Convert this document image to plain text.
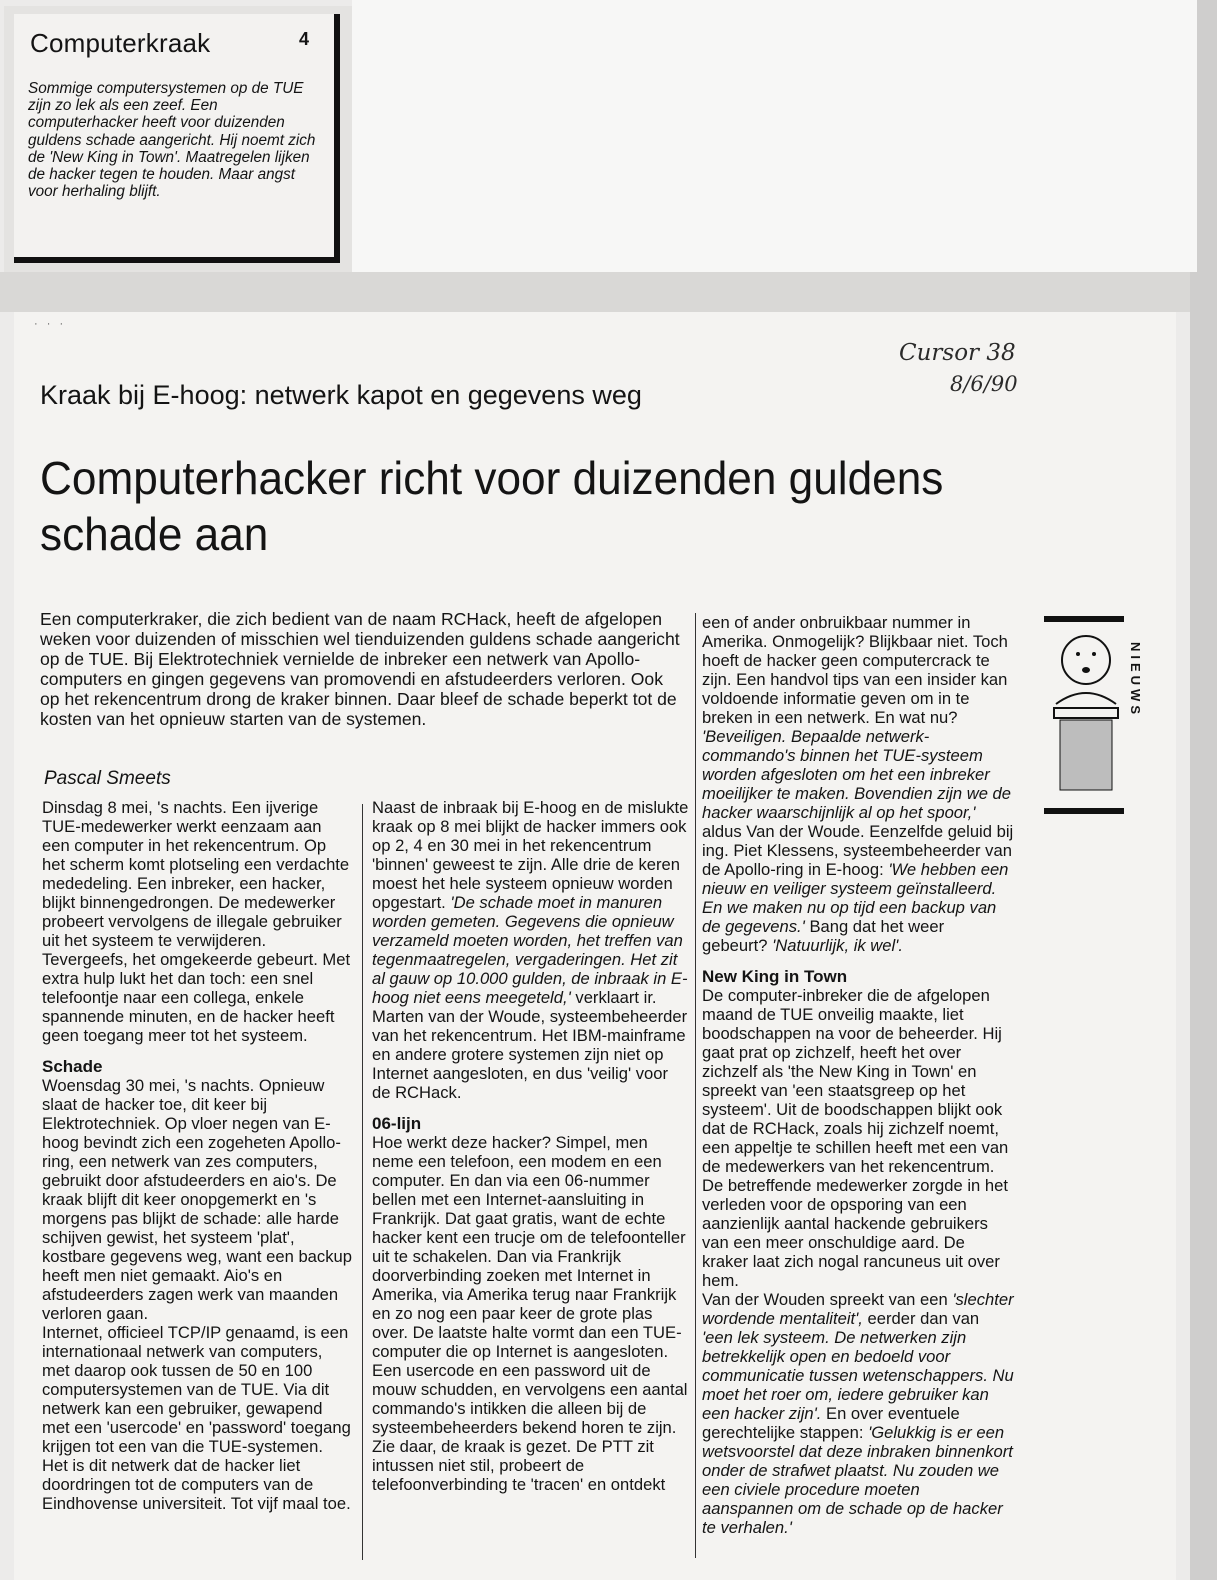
Computerkraak	4
Sommige computersystemen op de TUE zijn zo lek als een zeef. Een computerhacker heeft voor duizenden guldens schade aangericht. Hij noemt zich de 'New King in Town'. Maatregelen lijken de hacker tegen te houden. Maar angst voor herhaling blijft.
· · ·
Cursor 38
8/6/90
Kraak bij E-hoog: netwerk kapot en gegevens weg
Computerhacker richt voor duizenden guldens schade aan
Een computerkraker, die zich bedient van de naam RCHack, heeft de afgelopen weken voor duizenden of misschien wel tienduizenden guldens schade aangericht op de TUE. Bij Elektrotechniek vernielde de inbreker een netwerk van Apollo-computers en gingen gegevens van promovendi en afstudeerders verloren. Ook op het rekencentrum drong de kraker binnen. Daar bleef de schade beperkt tot de kosten van het opnieuw starten van de systemen.
Pascal Smeets

Dinsdag 8 mei, 's nachts. Een ijverige TUE-medewerker werkt eenzaam aan een computer in het rekencentrum. Op het scherm komt plotseling een verdachte mededeling. Een inbreker, een hacker, blijkt binnengedrongen. De medewerker probeert vervolgens de illegale gebruiker uit het systeem te verwijderen. Tevergeefs, het omgekeerde gebeurt. Met extra hulp lukt het dan toch: een snel telefoontje naar een collega, enkele spannende minuten, en de hacker heeft geen toegang meer tot het systeem.

Schade

Woensdag 30 mei, 's nachts. Opnieuw slaat de hacker toe, dit keer bij Elektrotechniek. Op vloer negen van E-hoog bevindt zich een zogeheten Apollo-ring, een netwerk van zes computers, gebruikt door afstudeerders en aio's. De kraak blijft dit keer onopgemerkt en 's morgens pas blijkt de schade: alle harde schijven gewist, het systeem 'plat', kostbare gegevens weg, want een backup heeft men niet gemaakt. Aio's en afstudeerders zagen werk van maanden verloren gaan.

Internet, officieel TCP/IP genaamd, is een internationaal netwerk van computers, met daarop ook tussen de 50 en 100 computersystemen van de TUE. Via dit netwerk kan een gebruiker, gewapend met een 'usercode' en 'password' toegang krijgen tot een van die TUE-systemen. Het is dit netwerk dat de hacker liet doordringen tot de computers van de Eindhovense universiteit. Tot vijf maal toe.

Naast de inbraak bij E-hoog en de mislukte kraak op 8 mei blijkt de hacker immers ook op 2, 4 en 30 mei in het rekencentrum 'binnen' geweest te zijn. Alle drie de keren moest het hele systeem opnieuw worden opgestart. 'De schade moet in manuren worden gemeten. Gegevens die opnieuw verzameld moeten worden, het treffen van tegenmaatregelen, vergaderingen. Het zit al gauw op 10.000 gulden, de inbraak in E-hoog niet eens meegeteld,' verklaart ir. Marten van der Woude, systeembeheerder van het rekencentrum. Het IBM-mainframe en andere grotere systemen zijn niet op Internet aangesloten, en dus 'veilig' voor de RCHack.

06-lijn

Hoe werkt deze hacker? Simpel, men neme een telefoon, een modem en een computer. En dan via een 06-nummer bellen met een Internet-aansluiting in Frankrijk. Dat gaat gratis, want de echte hacker kent een trucje om de telefoonteller uit te schakelen. Dan via Frankrijk doorverbinding zoeken met Internet in Amerika, via Amerika terug naar Frankrijk en zo nog een paar keer de grote plas over. De laatste halte vormt dan een TUE-computer die op Internet is aangesloten. Een usercode en een password uit de mouw schudden, en vervolgens een aantal commando's intikken die alleen bij de systeembeheerders bekend horen te zijn. Zie daar, de kraak is gezet. De PTT zit intussen niet stil, probeert de telefoonverbinding te 'tracen' en ontdekt

een of ander onbruikbaar nummer in Amerika. Onmogelijk? Blijkbaar niet. Toch hoeft de hacker geen computercrack te zijn. Een handvol tips van een insider kan voldoende informatie geven om in te breken in een netwerk. En wat nu? 'Beveiligen. Bepaalde netwerk-commando's binnen het TUE-systeem worden afgesloten om het een inbreker moeilijker te maken. Bovendien zijn we de hacker waarschijnlijk al op het spoor,' aldus Van der Woude. Eenzelfde geluid bij ing. Piet Klessens, systeembeheerder van de Apollo-ring in E-hoog: 'We hebben een nieuw en veiliger systeem geïnstalleerd. En we maken nu op tijd een backup van de gegevens.' Bang dat het weer gebeurt? 'Natuurlijk, ik wel'.

New King in Town

De computer-inbreker die de afgelopen maand de TUE onveilig maakte, liet boodschappen na voor de beheerder. Hij gaat prat op zichzelf, heeft het over zichzelf als 'the New King in Town' en spreekt van 'een staatsgreep op het systeem'. Uit de boodschappen blijkt ook dat de RCHack, zoals hij zichzelf noemt, een appeltje te schillen heeft met een van de medewerkers van het rekencentrum. De betreffende medewerker zorgde in het verleden voor de opsporing van een aanzienlijk aantal hackende gebruikers van een meer onschuldige aard. De kraker laat zich nogal rancuneus uit over hem.

Van der Wouden spreekt van een 'slechter wordende mentaliteit', eerder dan van 'een lek systeem. De netwerken zijn betrekkelijk open en bedoeld voor communicatie tussen wetenschappers. Nu moet het roer om, iedere gebruiker kan een hacker zijn'. En over eventuele gerechtelijke stappen: 'Gelukkig is er een wetsvoorstel dat deze inbraken binnenkort onder de strafwet plaatst. Nu zouden we een civiele procedure moeten aanspannen om de schade op de hacker te verhalen.'

NIEUWS
